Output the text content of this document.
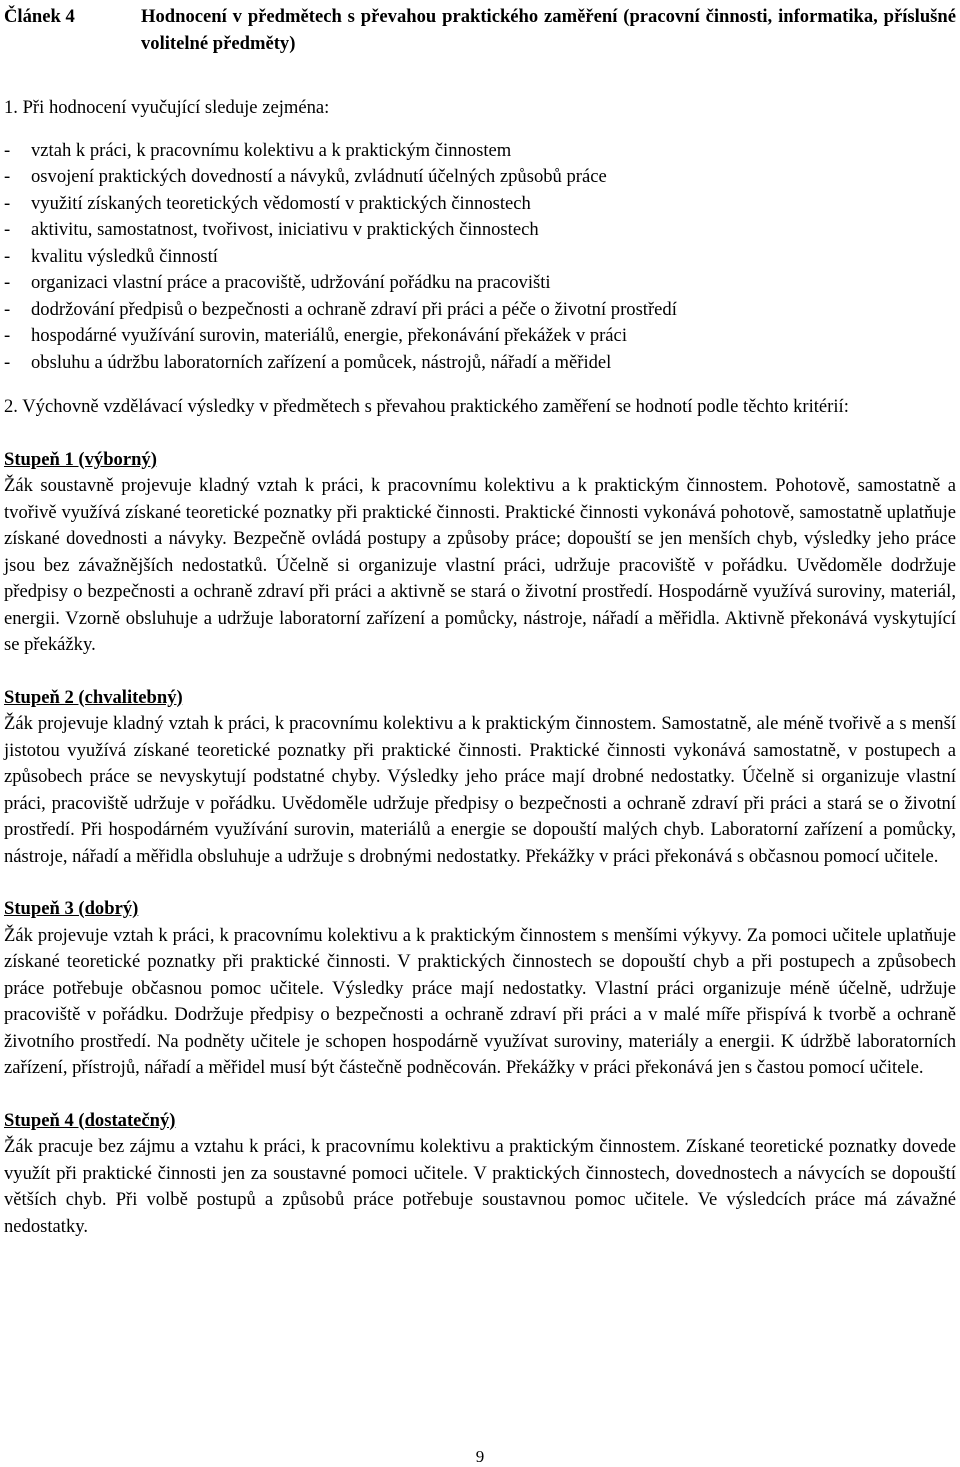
Článek 4	Hodnocení v předmětech s převahou praktického zaměření (pracovní činnosti, informatika, příslušné volitelné předměty)
1. Při hodnocení vyučující sleduje zejména:
-	vztah k práci, k pracovnímu kolektivu a k praktickým činnostem
-	osvojení praktických dovedností a návyků, zvládnutí účelných způsobů práce
-	využití získaných teoretických vědomostí v praktických činnostech
-	aktivitu, samostatnost, tvořivost, iniciativu v praktických činnostech
-	kvalitu výsledků činností
-	organizaci vlastní práce a pracoviště, udržování pořádku na pracovišti
-	dodržování předpisů o bezpečnosti a ochraně zdraví při práci a péče o životní prostředí
-	hospodárné využívání surovin, materiálů, energie, překonávání překážek v práci
-	obsluhu a údržbu laboratorních zařízení a pomůcek, nástrojů, nářadí a měřidel
2. Výchovně vzdělávací výsledky v předmětech s převahou praktického zaměření se hodnotí podle těchto kritérií:
Stupeň 1 (výborný)
Žák soustavně projevuje kladný vztah k práci, k pracovnímu kolektivu a k praktickým činnostem. Pohotově, samostatně a tvořivě využívá získané teoretické poznatky při praktické činnosti. Praktické činnosti vykonává pohotově, samostatně uplatňuje získané dovednosti a návyky. Bezpečně ovládá postupy a způsoby práce; dopouští se jen menších chyb, výsledky jeho práce jsou bez závažnějších nedostatků. Účelně si organizuje vlastní práci, udržuje pracoviště v pořádku. Uvědoměle dodržuje předpisy o bezpečnosti a ochraně zdraví při práci a aktivně se stará o životní prostředí. Hospodárně využívá suroviny, materiál, energii. Vzorně obsluhuje a udržuje laboratorní zařízení a pomůcky, nástroje, nářadí a měřidla. Aktivně překonává vyskytující se překážky.
Stupeň 2 (chvalitebný)
Žák projevuje kladný vztah k práci, k pracovnímu kolektivu a k praktickým činnostem. Samostatně, ale méně tvořivě a s menší jistotou využívá získané teoretické poznatky při praktické činnosti. Praktické činnosti vykonává samostatně, v postupech a způsobech práce se nevyskytují podstatné chyby. Výsledky jeho práce mají drobné nedostatky. Účelně si organizuje vlastní práci, pracoviště udržuje v pořádku. Uvědoměle udržuje předpisy o bezpečnosti a ochraně zdraví při práci a stará se o životní prostředí. Při hospodárném využívání surovin, materiálů a energie se dopouští malých chyb. Laboratorní zařízení a pomůcky, nástroje, nářadí a měřidla obsluhuje a udržuje s drobnými nedostatky. Překážky v práci překonává s občasnou pomocí učitele.
Stupeň 3 (dobrý)
Žák projevuje vztah k práci, k pracovnímu kolektivu a k praktickým činnostem s menšími výkyvy. Za pomoci učitele uplatňuje získané teoretické poznatky při praktické činnosti. V praktických činnostech se dopouští chyb a při postupech a způsobech práce potřebuje občasnou pomoc učitele. Výsledky práce mají nedostatky. Vlastní práci organizuje méně účelně, udržuje pracoviště v pořádku. Dodržuje předpisy o bezpečnosti a ochraně zdraví při práci a v malé míře přispívá k tvorbě a ochraně životního prostředí. Na podněty učitele je schopen hospodárně využívat suroviny, materiály a energii. K údržbě laboratorních zařízení, přístrojů, nářadí a měřidel musí být částečně podněcován. Překážky v práci překonává jen s častou pomocí učitele.
Stupeň 4 (dostatečný)
Žák pracuje bez zájmu a vztahu k práci, k pracovnímu kolektivu a praktickým činnostem. Získané teoretické poznatky dovede využít při praktické činnosti jen za soustavné pomoci učitele. V praktických činnostech, dovednostech a návycích se dopouští větších chyb. Při volbě postupů a způsobů práce potřebuje soustavnou pomoc učitele. Ve výsledcích práce má závažné nedostatky.
9
